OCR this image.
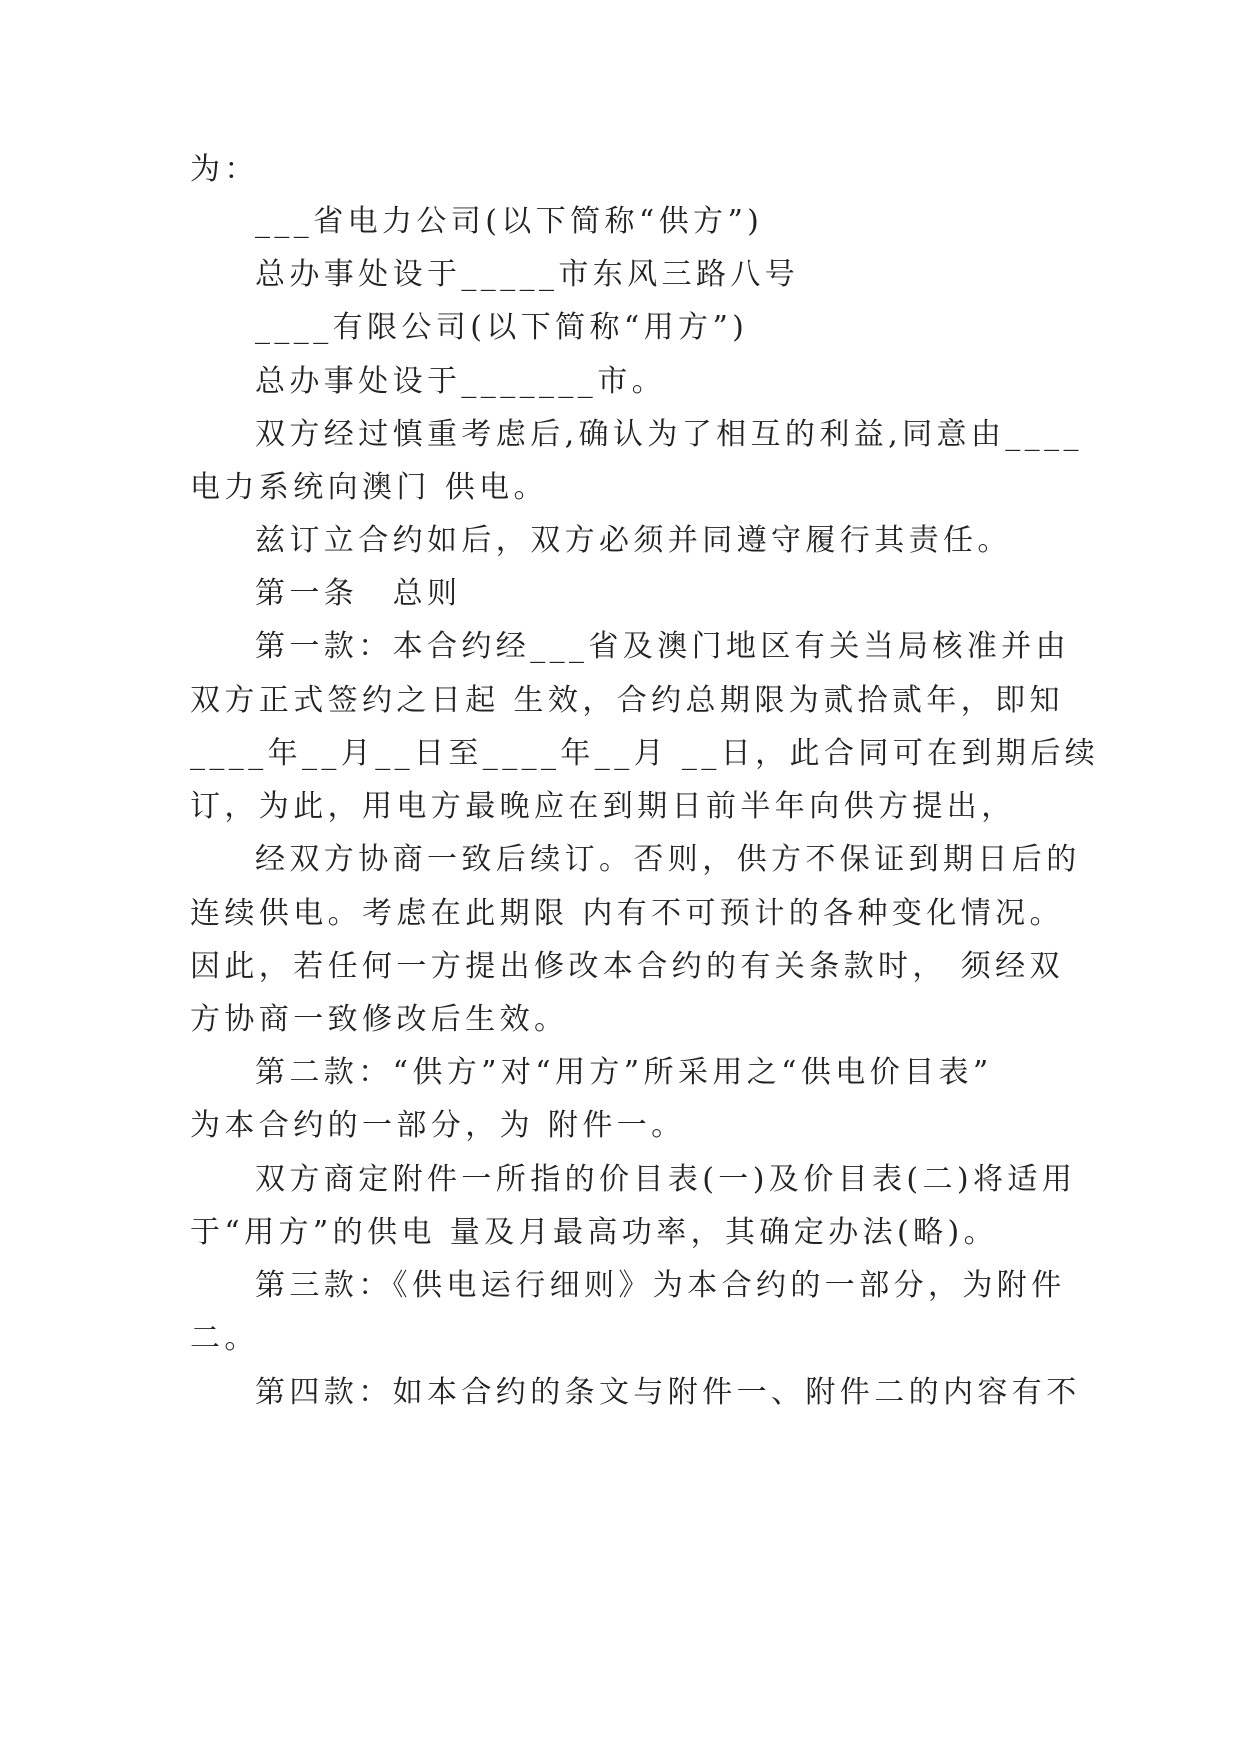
为：
___省电力公司(以下简称“供方”)
总办事处设于_____市东风三路八号
____有限公司(以下简称“用方”)
总办事处设于_______市。
双方经过慎重考虑后,确认为了相互的利益,同意由____
电力系统向澳门 供电。
兹订立合约如后，双方必须并同遵守履行其责任。
第一条　总则
第一款：本合约经___省及澳门地区有关当局核准并由
双方正式签约之日起 生效，合约总期限为贰拾贰年，即知
____年__月__日至____年__月 __日，此合同可在到期后续
订，为此，用电方最晚应在到期日前半年向供方提出，
经双方协商一致后续订。否则，供方不保证到期日后的
连续供电。考虑在此期限 内有不可预计的各种变化情况。
因此，若任何一方提出修改本合约的有关条款时， 须经双
方协商一致修改后生效。
第二款：“供方”对“用方”所采用之“供电价目表”
为本合约的一部分，为 附件一。
双方商定附件一所指的价目表(一)及价目表(二)将适用
于“用方”的供电 量及月最高功率，其确定办法(略)。
第三款：《供电运行细则》为本合约的一部分，为附件
二。
第四款：如本合约的条文与附件一、附件二的内容有不
